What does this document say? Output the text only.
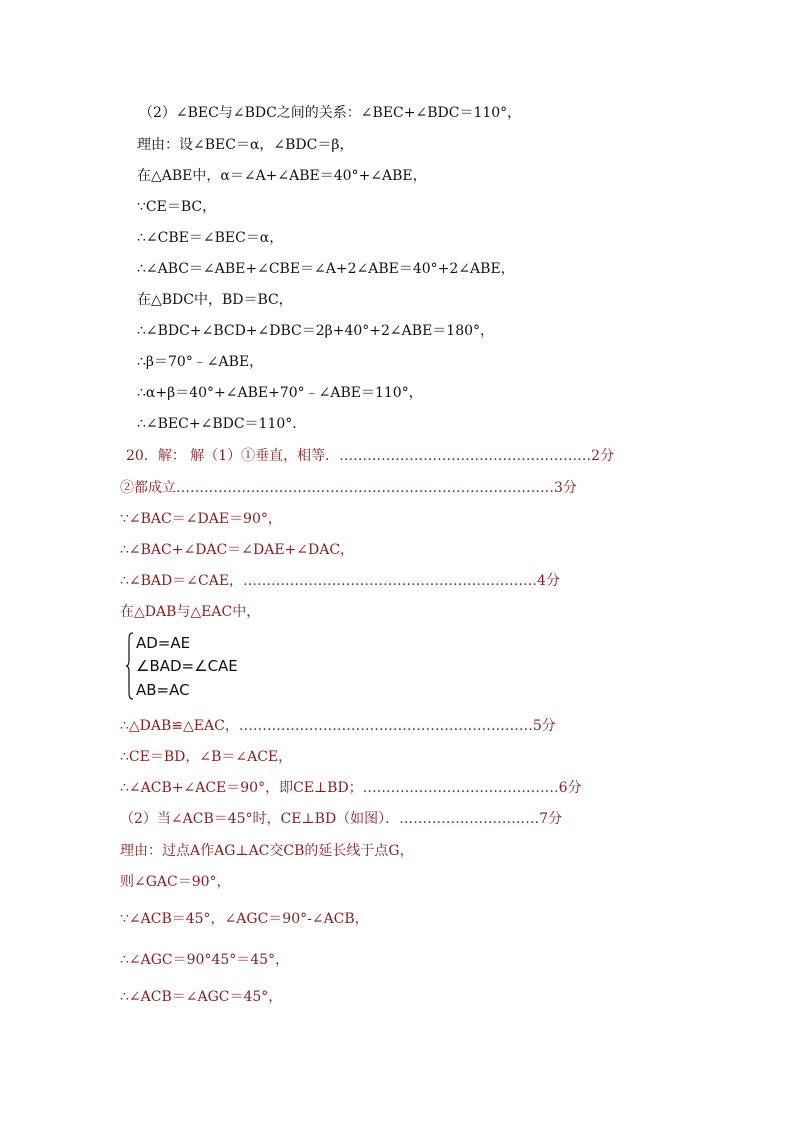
（2）∠BEC与∠BDC之间的关系：∠BEC+∠BDC＝110°，
理由：设∠BEC＝α，∠BDC＝β，
在△ABE中，α＝∠A+∠ABE＝40°+∠ABE，
∵CE＝BC，
∴∠CBE＝∠BEC＝α，
∴∠ABC＝∠ABE+∠CBE＝∠A+2∠ABE＝40°+2∠ABE，
在△BDC中，BD＝BC，
∴∠BDC+∠BCD+∠DBC＝2β+40°+2∠ABE＝180°，
∴β＝70°﹣∠ABE，
∴α+β＝40°+∠ABE+70°﹣∠ABE＝110°，
∴∠BEC+∠BDC＝110°．
20．解： 解（1）①垂直，相等．………………………………………………2分
②都成立………………………………………………………………………3分
∵∠BAC＝∠DAE＝90°，
∴∠BAC+∠DAC＝∠DAE+∠DAC，
∴∠BAD＝∠CAE，………………………………………………………4分
在△DAB与△EAC中，
AD=AE
∠BAD=∠CAE
AB=AC
∴△DAB≌△EAC，………………………………………………………5分
∴CE＝BD，∠B＝∠ACE，
∴∠ACB+∠ACE＝90°，即CE⊥BD；……………………………………6分
（2）当∠ACB＝45°时，CE⊥BD（如图）．…………………………7分
理由：过点A作AG⊥AC交CB的延长线于点G，
则∠GAC＝90°，
∵∠ACB＝45°，∠AGC＝90°-∠ACB，
∴∠AGC＝90°45°＝45°，
∴∠ACB＝∠AGC＝45°，
